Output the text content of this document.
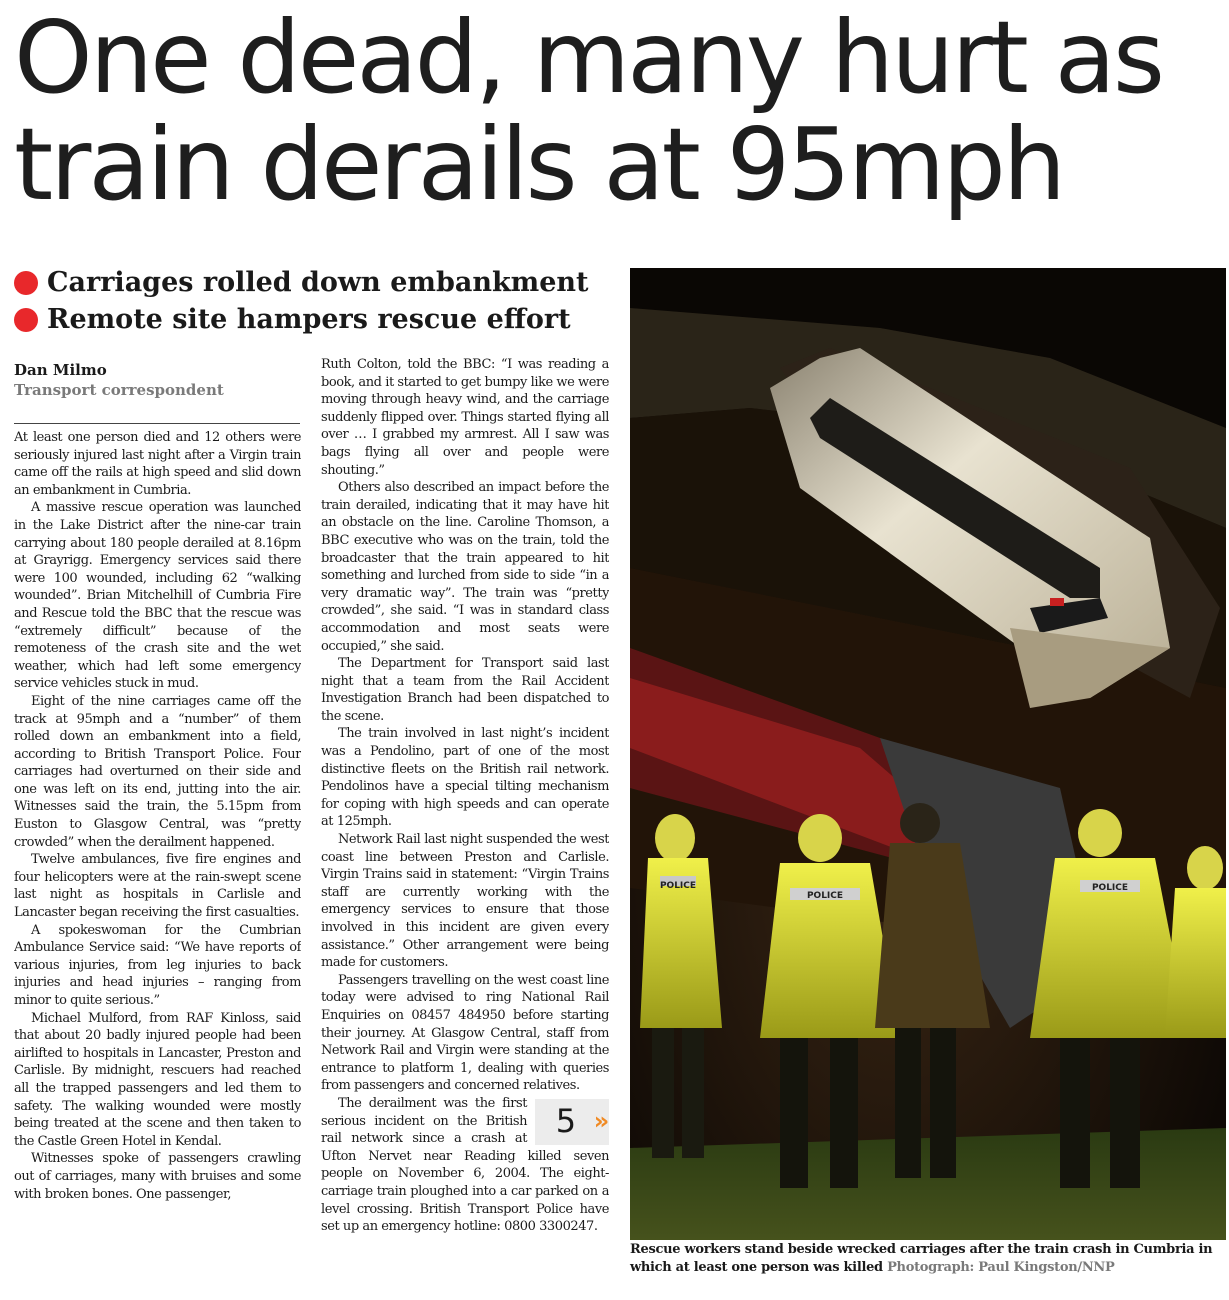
One dead, many hurt as
train derails at 95mph
Carriages rolled down embankment
Remote site hampers rescue effort
Dan Milmo
Transport correspondent

At least one person died and 12 others were seriously injured last night after a Virgin train came off the rails at high speed and slid down an embankment in Cumbria.

A massive rescue operation was launched in the Lake District after the nine-car train carrying about 180 people derailed at 8.16pm at Grayrigg. Emergency services said there were 100 wounded, including 62 “walking wounded”. Brian Mitchelhill of Cumbria Fire and Rescue told the BBC that the rescue was “extremely difficult” because of the remoteness of the crash site and the wet weather, which had left some emergency service vehicles stuck in mud.

Eight of the nine carriages came off the track at 95mph and a “number” of them rolled down an embankment into a field, according to British Transport Police. Four carriages had overturned on their side and one was left on its end, jutting into the air. Witnesses said the train, the 5.15pm from Euston to Glasgow Central, was “pretty crowded” when the derailment happened.

Twelve ambulances, five fire engines and four helicopters were at the rain-swept scene last night as hospitals in Carlisle and Lancaster began receiving the first casualties.

A spokeswoman for the Cumbrian Ambulance Service said: “We have reports of various injuries, from leg injuries to back injuries and head injuries – ranging from minor to quite serious.”

Michael Mulford, from RAF Kinloss, said that about 20 badly injured people had been airlifted to hospitals in Lancaster, Preston and Carlisle. By midnight, rescuers had reached all the trapped passengers and led them to safety. The walking wounded were mostly being treated at the scene and then taken to the Castle Green Hotel in Kendal.

Witnesses spoke of passengers crawling out of carriages, many with bruises and some with broken bones. One passenger,

Ruth Colton, told the BBC: “I was reading a book, and it started to get bumpy like we were moving through heavy wind, and the carriage suddenly flipped over. Things started flying all over … I grabbed my armrest. All I saw was bags flying all over and people were shouting.”

Others also described an impact before the train derailed, indicating that it may have hit an obstacle on the line. Caroline Thomson, a BBC executive who was on the train, told the broadcaster that the train appeared to hit something and lurched from side to side “in a very dramatic way”. The train was “pretty crowded”, she said. “I was in standard class accommodation and most seats were occupied,” she said.

The Department for Transport said last night that a team from the Rail Accident Investigation Branch had been dispatched to the scene.

The train involved in last night’s incident was a Pendolino, part of one of the most distinctive fleets on the British rail network. Pendolinos have a special tilting mechanism for coping with high speeds and can operate at 125mph.

Network Rail last night suspended the west coast line between Preston and Carlisle. Virgin Trains said in statement: “Virgin Trains staff are currently working with the emergency services to ensure that those involved in this incident are given every assistance.” Other arrangement were being made for customers.

Passengers travelling on the west coast line today were advised to ring National Rail Enquiries on 08457 484950 before starting their journey. At Glasgow Central, staff from Network Rail and Virgin were standing at the entrance to platform 1, dealing with queries from passengers and concerned relatives.

5 »
The derailment was the first serious incident on the British rail network since a crash at Ufton Nervet near Reading killed seven people on November 6, 2004. The eight-carriage train ploughed into a car parked on a level crossing. British Transport Police have set up an emergency hotline: 0800 3300247.

POLICE
POLICE
POLICE
Rescue workers stand beside wrecked carriages after the train crash in Cumbria in which at least one person was killed Photograph: Paul Kingston/NNP
